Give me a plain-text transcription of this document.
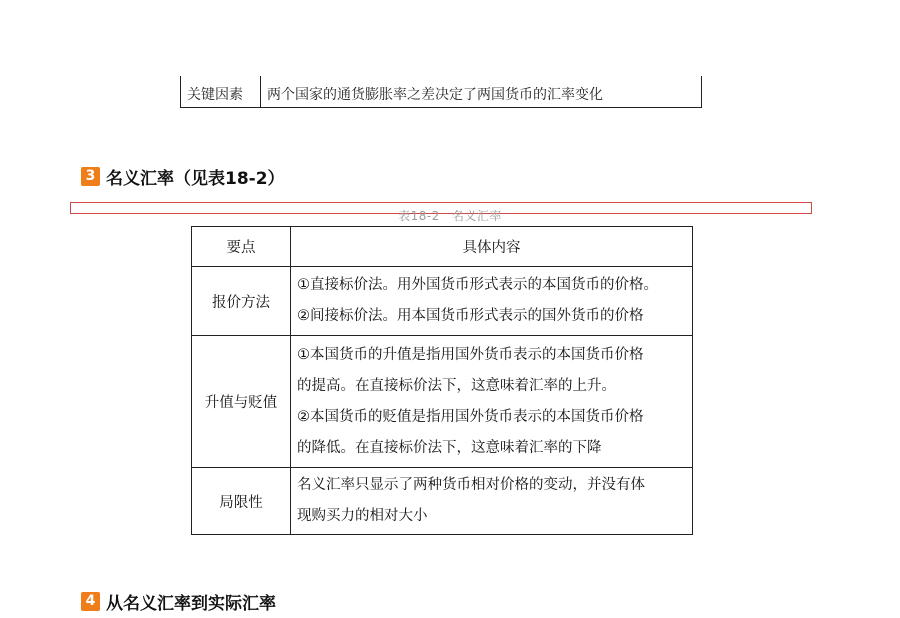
关键因素 两个国家的通货膨胀率之差决定了两国货币的汇率变化
3 名义汇率（见表18-2）
表18-2 名义汇率
要点	具体内容
报价方法	①直接标价法。用外国货币形式表示的本国货币的价格。
②间接标价法。用本国货币形式表示的国外货币的价格

升值与贬值	①本国货币的升值是指用国外货币表示的本国货币价格
的提高。在直接标价法下，这意味着汇率的上升。
②本国货币的贬值是指用国外货币表示的本国货币价格
的降低。在直接标价法下，这意味着汇率的下降

局限性	名义汇率只显示了两种货币相对价格的变动，并没有体
现购买力的相对大小
4 从名义汇率到实际汇率
